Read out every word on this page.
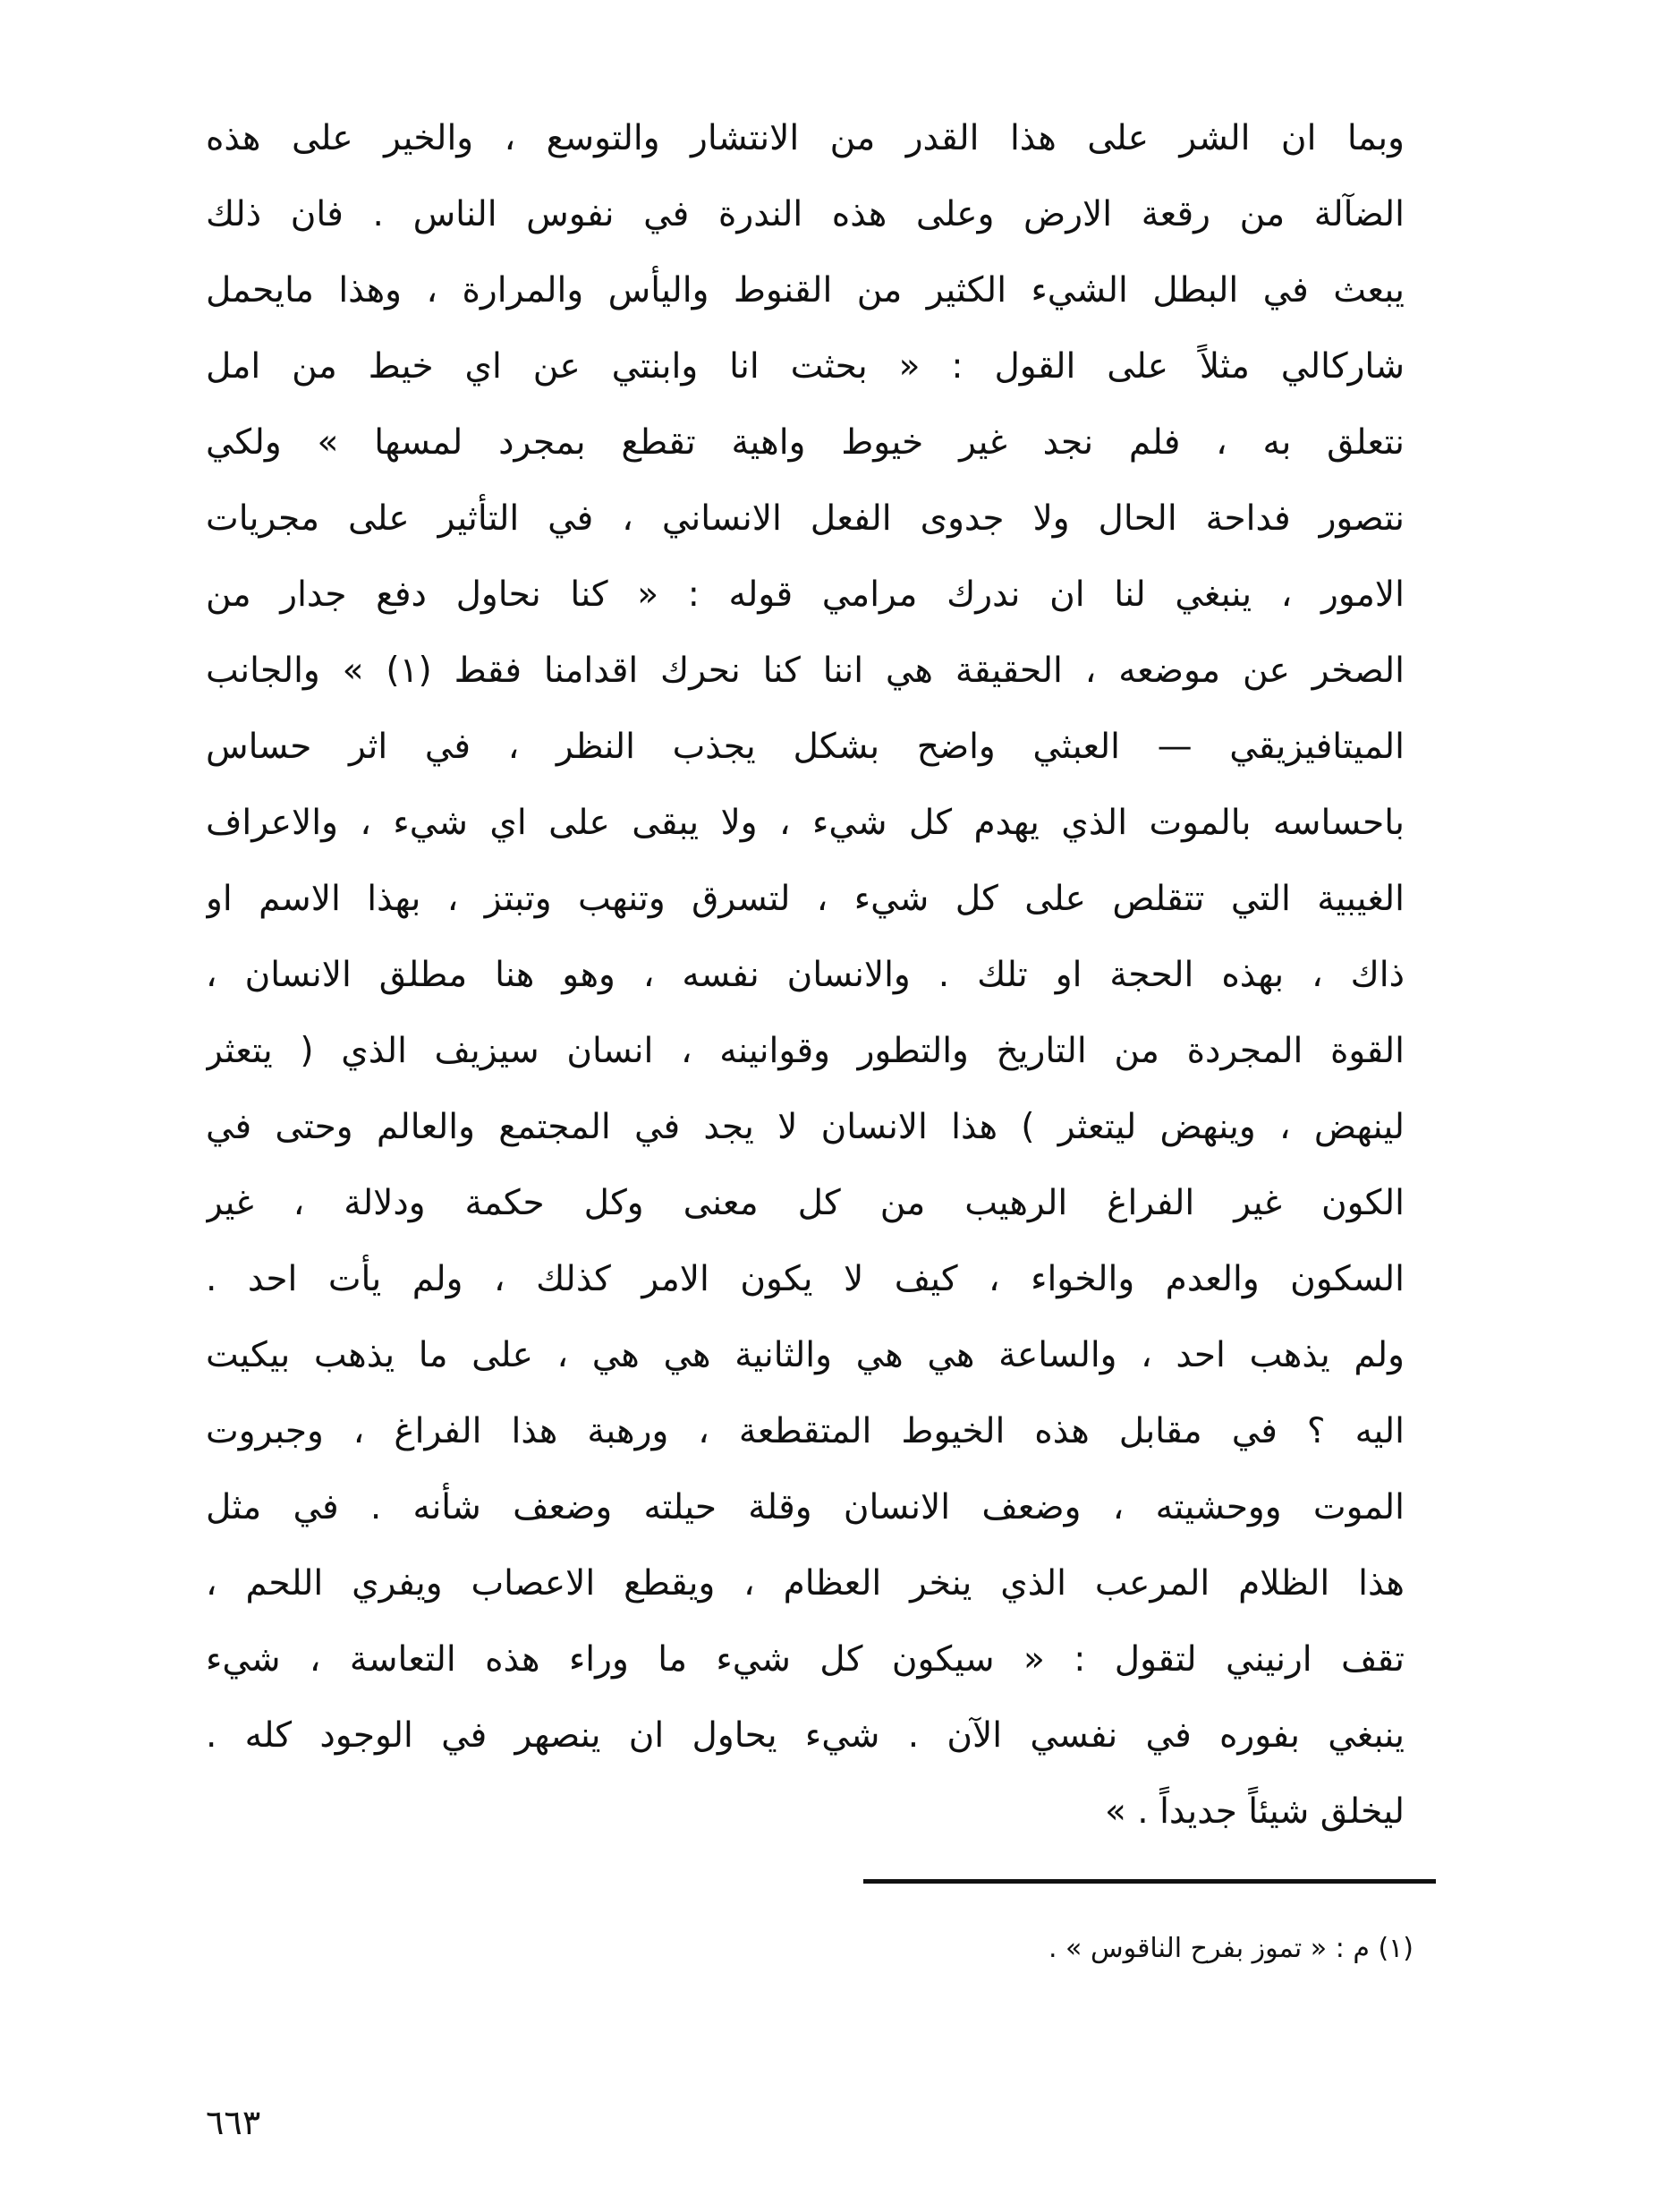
وبما ان الشر على هذا القدر من الانتشار والتوسع ، والخير على هذه
الضآلة من رقعة الارض وعلى هذه الندرة في نفوس الناس . فان ذلك
يبعث في البطل الشيء الكثير من القنوط واليأس والمرارة ، وهذا مايحمل
شاركالي مثلاً على القول : « بحثت انا وابنتي عن اي خيط من امل
نتعلق به ، فلم نجد غير خيوط واهية تقطع بمجرد لمسها » ولكي
نتصور فداحة الحال ولا جدوى الفعل الانساني ، في التأثير على مجريات
الامور ، ينبغي لنا ان ندرك مرامي قوله : « كنا نحاول دفع جدار من
الصخر عن موضعه ، الحقيقة هي اننا كنا نحرك اقدامنا فقط (١) » والجانب
الميتافيزيقي — العبثي واضح بشكل يجذب النظر ، في اثر حساس
باحساسه بالموت الذي يهدم كل شيء ، ولا يبقى على اي شيء ، والاعراف
الغيبية التي تتقلص على كل شيء ، لتسرق وتنهب وتبتز ، بهذا الاسم او
ذاك ، بهذه الحجة او تلك . والانسان نفسه ، وهو هنا مطلق الانسان ،
القوة المجردة من التاريخ والتطور وقوانينه ، انسان سيزيف الذي ( يتعثر
لينهض ، وينهض ليتعثر ) هذا الانسان لا يجد في المجتمع والعالم وحتى في
الكون غير الفراغ الرهيب من كل معنى وكل حكمة ودلالة ، غير
السكون والعدم والخواء ، كيف لا يكون الامر كذلك ، ولم يأت احد .
ولم يذهب احد ، والساعة هي هي والثانية هي هي ، على ما يذهب بيكيت
اليه ؟ في مقابل هذه الخيوط المتقطعة ، ورهبة هذا الفراغ ، وجبروت
الموت ووحشيته ، وضعف الانسان وقلة حيلته وضعف شأنه . في مثل
هذا الظلام المرعب الذي ينخر العظام ، ويقطع الاعصاب ويفري اللحم ،
تقف ارنيني لتقول : « سيكون كل شيء ما وراء هذه التعاسة ، شيء
ينبغي بفوره في نفسي الآن . شيء يحاول ان ينصهر في الوجود كله .
ليخلق شيئاً جديداً . »
(١) م : « تموز بفرح الناقوس » .
٦٦٣
